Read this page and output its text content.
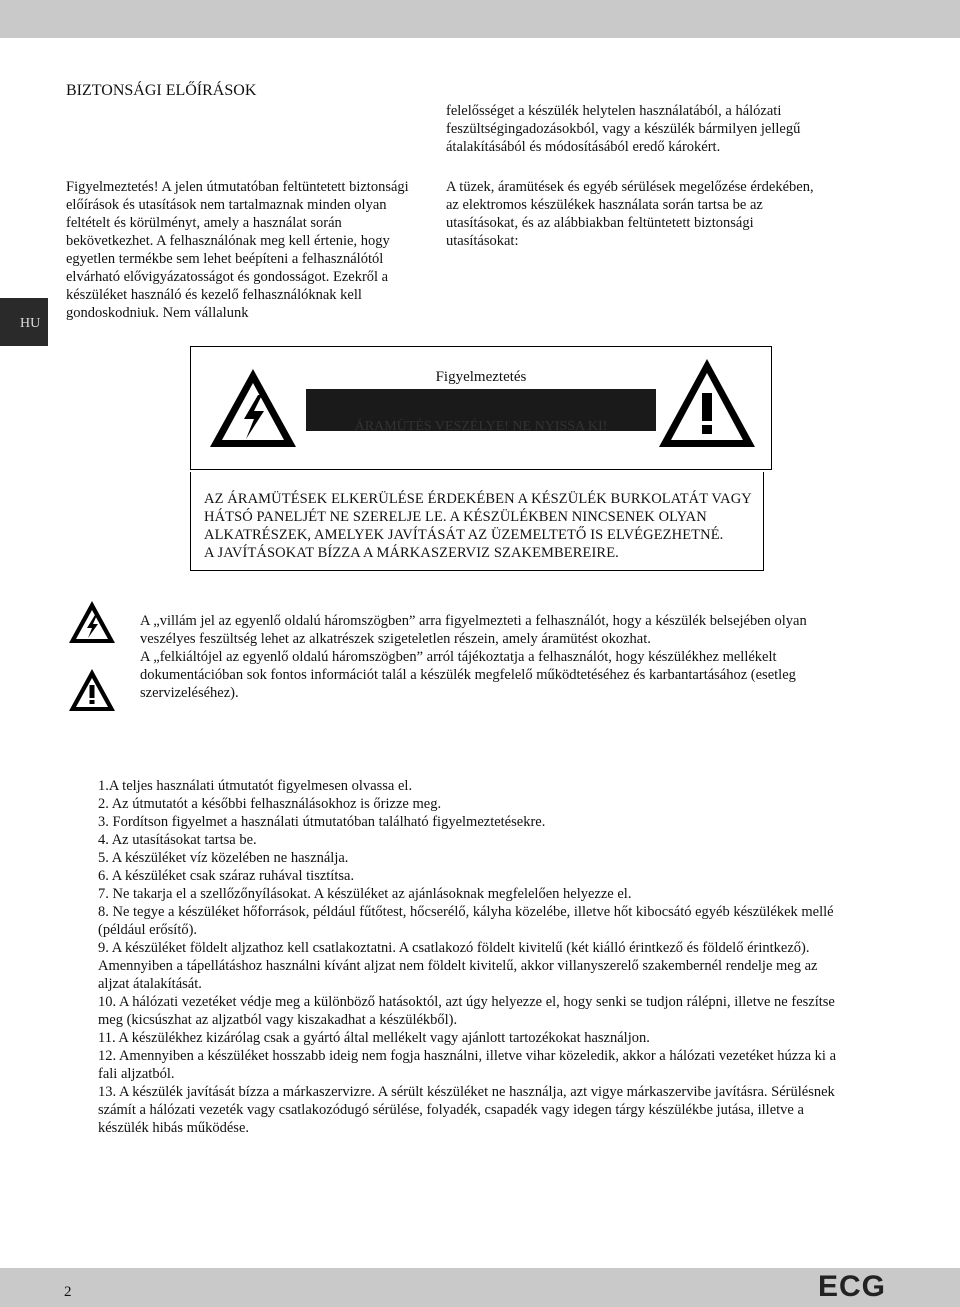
HU
BIZTONSÁGI ELŐÍRÁSOK

Figyelmeztetés! A jelen útmutatóban feltüntetett biztonsági előírások és utasítások nem tartalmaznak minden olyan feltételt és körülményt, amely a használat során bekövetkezhet. A felhasználónak meg kell értenie, hogy egyetlen termékbe sem lehet beépíteni a felhasználótól elvárható elővigyázatosságot és gondosságot. Ezekről a készüléket használó és kezelő felhasználóknak kell gondoskodniuk. Nem vállalunk

felelősséget a készülék helytelen használatából, a hálózati feszültségingadozásokból, vagy a készülék bármilyen jellegű átalakításából és módosításából eredő károkért.

A tüzek, áramütések és egyéb sérülések megelőzése érdekében, az elektromos készülékek használata során tartsa be az utasításokat, és az alábbiakban feltüntetett biztonsági utasításokat:

Figyelmeztetés
ÁRAMÜTÉS VESZÉLYE! NE NYISSA KI!
AZ ÁRAMÜTÉSEK ELKERÜLÉSE ÉRDEKÉBEN A KÉSZÜLÉK BURKOLATÁT VAGY
HÁTSÓ PANELJÉT NE SZERELJE LE. A KÉSZÜLÉKBEN NINCSENEK OLYAN
ALKATRÉSZEK, AMELYEK JAVÍTÁSÁT AZ ÜZEMELTETŐ IS ELVÉGEZHETNÉ.
A JAVÍTÁSOKAT BÍZZA A MÁRKASZERVIZ SZAKEMBEREIRE.

A „villám jel az egyenlő oldalú háromszögben” arra figyelmezteti a felhasználót, hogy a készülék belsejében olyan veszélyes feszültség lehet az alkatrészek szigeteletlen részein, amely áramütést okozhat.

A „felkiáltójel az egyenlő oldalú háromszögben” arról tájékoztatja a felhasználót, hogy készülékhez mellékelt dokumentációban sok fontos információt talál a készülék megfelelő működtetéséhez és karbantartásához (esetleg szervizeléséhez).

1.A teljes használati útmutatót figyelmesen olvassa el.

2. Az útmutatót a későbbi felhasználásokhoz is őrizze meg.

3. Fordítson figyelmet a használati útmutatóban található figyelmeztetésekre.

4. Az utasításokat tartsa be.

5. A készüléket víz közelében ne használja.

6. A készüléket csak száraz ruhával tisztítsa.

7. Ne takarja el a szellőzőnyílásokat. A készüléket az ajánlásoknak megfelelően helyezze el.

8. Ne tegye a készüléket hőforrások, például fűtőtest, hőcserélő, kályha közelébe, illetve hőt kibocsátó egyéb készülékek mellé (például erősítő).

9. A készüléket földelt aljzathoz kell csatlakoztatni. A csatlakozó földelt kivitelű (két kiálló érintkező és földelő érintkező). Amennyiben a tápellátáshoz használni kívánt aljzat nem földelt kivitelű, akkor villanyszerelő szakembernél rendelje meg az aljzat átalakítását.

10. A hálózati vezetéket védje meg a különböző hatásoktól, azt úgy helyezze el, hogy senki se tudjon rálépni, illetve ne feszítse meg (kicsúszhat az aljzatból vagy kiszakadhat a készülékből).

11. A készülékhez kizárólag csak a gyártó által mellékelt vagy ajánlott tartozékokat használjon.

12. Amennyiben a készüléket hosszabb ideig nem fogja használni, illetve vihar közeledik, akkor a hálózati vezetéket húzza ki a fali aljzatból.

13. A készülék javítását bízza a márkaszervizre. A sérült készüléket ne használja, azt vigye márkaszervibe javításra. Sérülésnek számít a hálózati vezeték vagy csatlakozódugó sérülése, folyadék, csapadék vagy idegen tárgy készülékbe jutása, illetve a készülék hibás működése.

2	ECG
